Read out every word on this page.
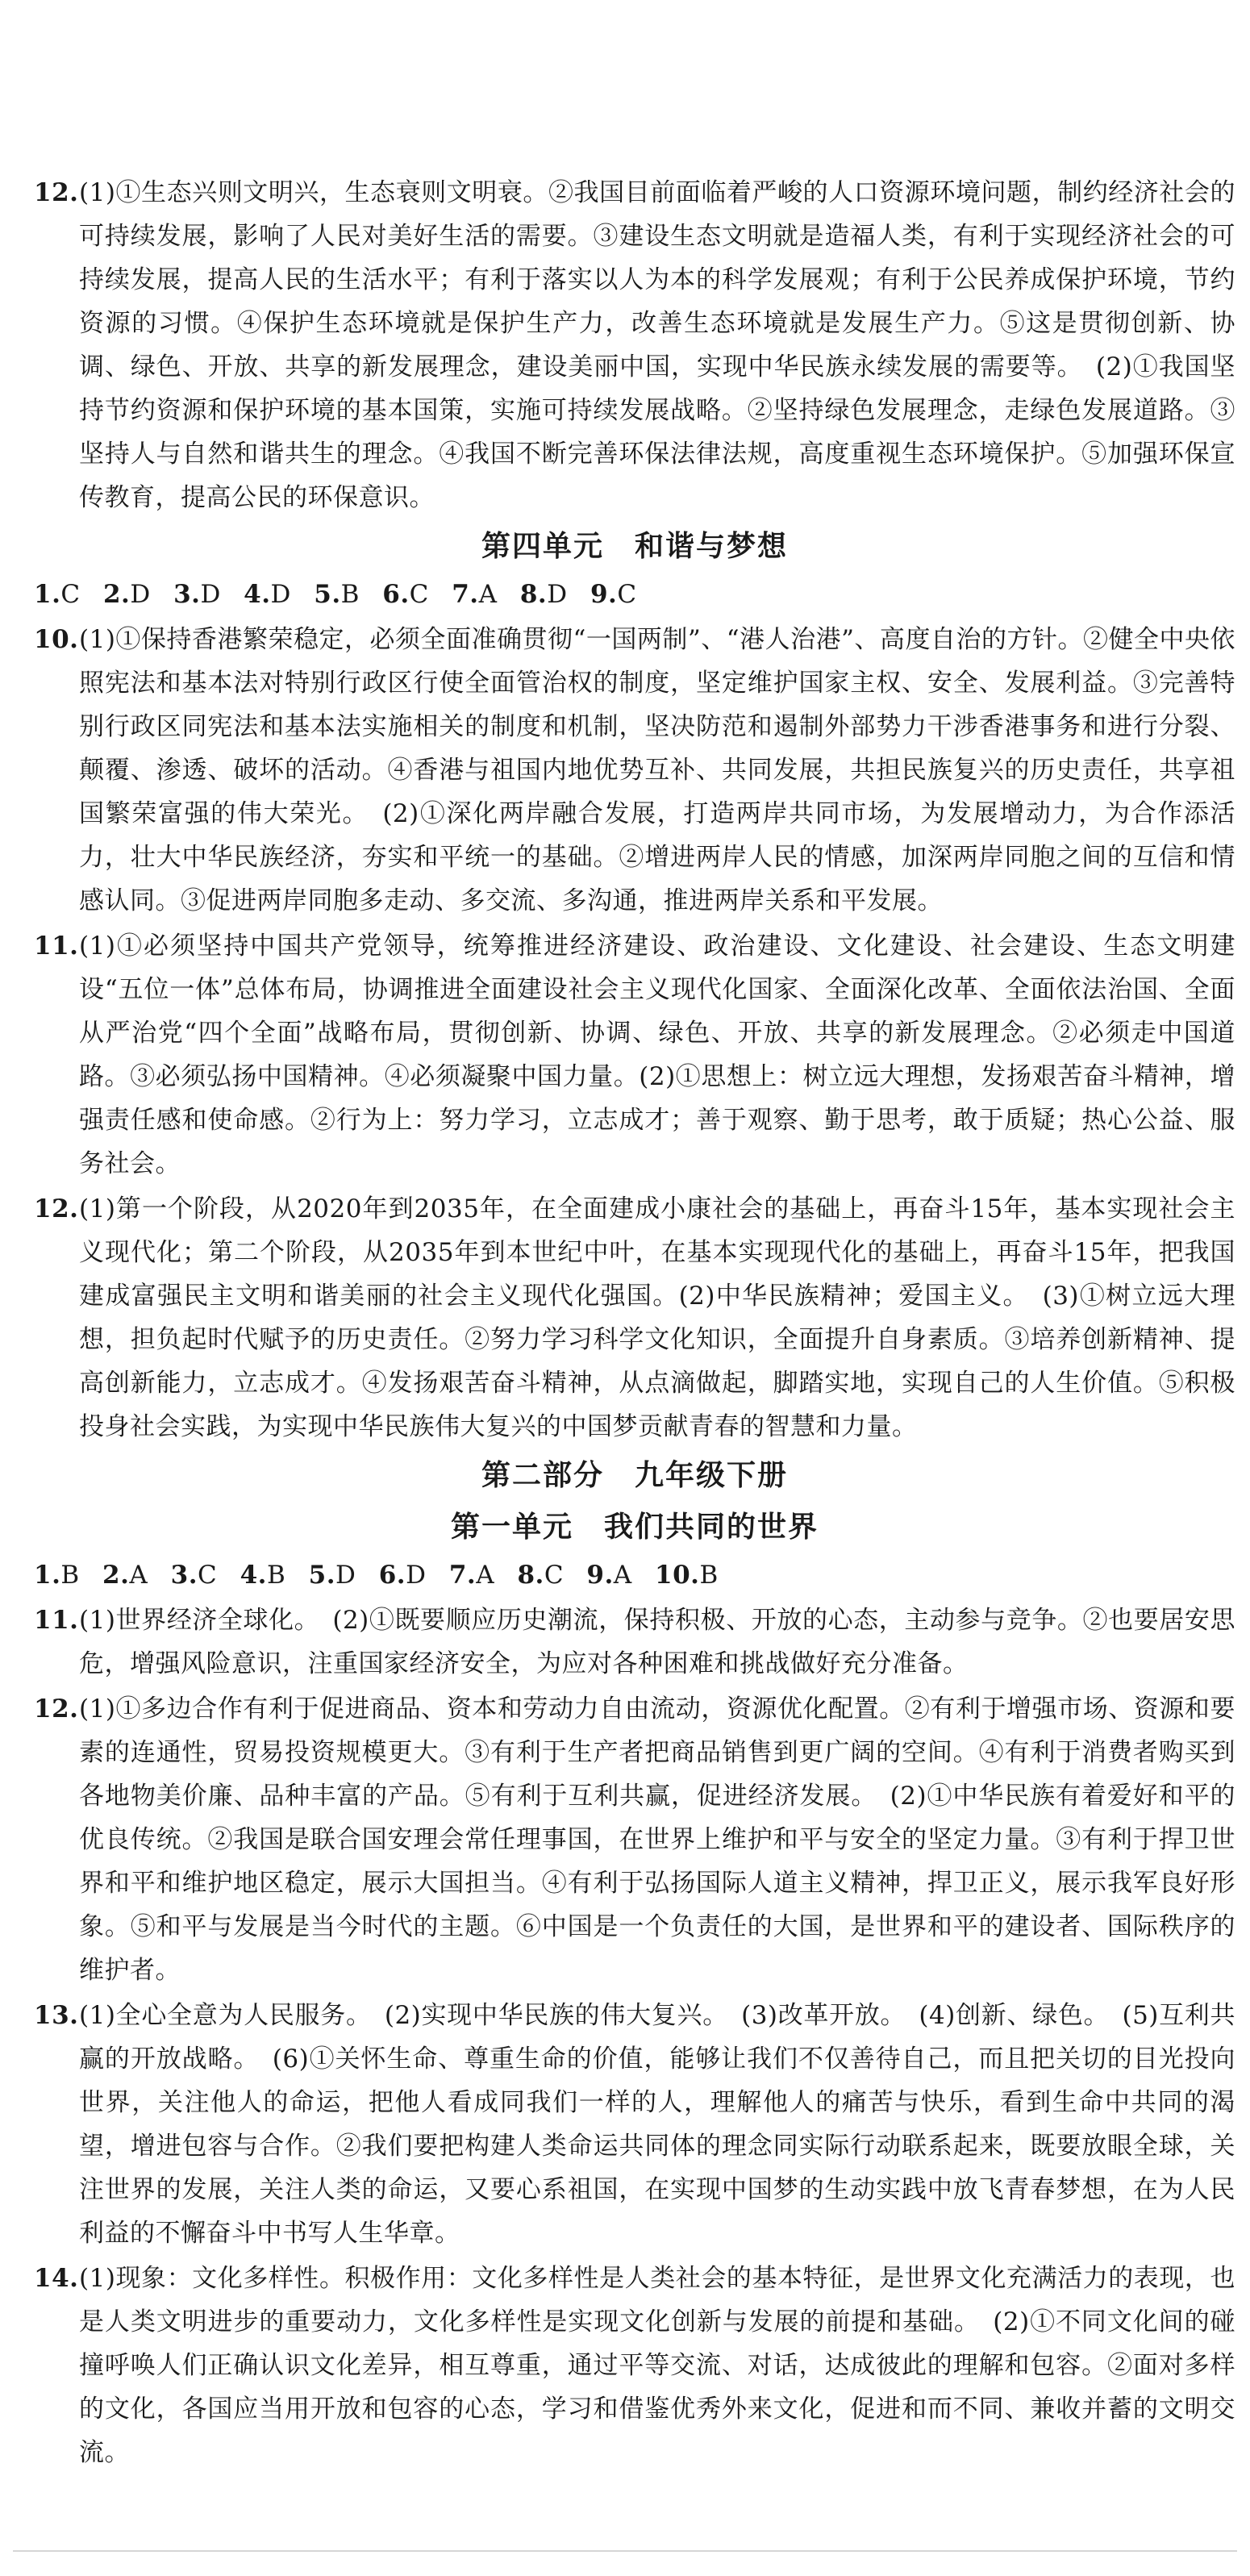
12. (1)①生态兴则文明兴，生态衰则文明衰。②我国目前面临着严峻的人口资源环境问题，制约经济社会的可持续发展，影响了人民对美好生活的需要。③建设生态文明就是造福人类，有利于实现经济社会的可持续发展，提高人民的生活水平；有利于落实以人为本的科学发展观；有利于公民养成保护环境，节约资源的习惯。④保护生态环境就是保护生产力，改善生态环境就是发展生产力。⑤这是贯彻创新、协调、绿色、开放、共享的新发展理念，建设美丽中国，实现中华民族永续发展的需要等。　(2)①我国坚持节约资源和保护环境的基本国策，实施可持续发展战略。②坚持绿色发展理念，走绿色发展道路。③坚持人与自然和谐共生的理念。④我国不断完善环保法律法规，高度重视生态环境保护。⑤加强环保宣传教育，提高公民的环保意识。
第四单元　和谐与梦想
1.C 2.D 3.D 4.D 5.B 6.C 7.A 8.D 9.C
10. (1)①保持香港繁荣稳定，必须全面准确贯彻“一国两制”、“港人治港”、高度自治的方针。②健全中央依照宪法和基本法对特别行政区行使全面管治权的制度，坚定维护国家主权、安全、发展利益。③完善特别行政区同宪法和基本法实施相关的制度和机制，坚决防范和遏制外部势力干涉香港事务和进行分裂、颠覆、渗透、破坏的活动。④香港与祖国内地优势互补、共同发展，共担民族复兴的历史责任，共享祖国繁荣富强的伟大荣光。　(2)①深化两岸融合发展，打造两岸共同市场，为发展增动力，为合作添活力，壮大中华民族经济，夯实和平统一的基础。②增进两岸人民的情感，加深两岸同胞之间的互信和情感认同。③促进两岸同胞多走动、多交流、多沟通，推进两岸关系和平发展。
11. (1)①必须坚持中国共产党领导，统筹推进经济建设、政治建设、文化建设、社会建设、生态文明建设“五位一体”总体布局，协调推进全面建设社会主义现代化国家、全面深化改革、全面依法治国、全面从严治党“四个全面”战略布局，贯彻创新、协调、绿色、开放、共享的新发展理念。②必须走中国道路。③必须弘扬中国精神。④必须凝聚中国力量。(2)①思想上：树立远大理想，发扬艰苦奋斗精神，增强责任感和使命感。②行为上：努力学习，立志成才；善于观察、勤于思考，敢于质疑；热心公益、服务社会。
12. (1)第一个阶段，从2020年到2035年，在全面建成小康社会的基础上，再奋斗15年，基本实现社会主义现代化；第二个阶段，从2035年到本世纪中叶，在基本实现现代化的基础上，再奋斗15年，把我国建成富强民主文明和谐美丽的社会主义现代化强国。(2)中华民族精神；爱国主义。　(3)①树立远大理想，担负起时代赋予的历史责任。②努力学习科学文化知识，全面提升自身素质。③培养创新精神、提高创新能力，立志成才。④发扬艰苦奋斗精神，从点滴做起，脚踏实地，实现自己的人生价值。⑤积极投身社会实践，为实现中华民族伟大复兴的中国梦贡献青春的智慧和力量。
第二部分　九年级下册
第一单元　我们共同的世界
1.B 2.A 3.C 4.B 5.D 6.D 7.A 8.C 9.A 10.B
11. (1)世界经济全球化。　(2)①既要顺应历史潮流，保持积极、开放的心态，主动参与竞争。②也要居安思危，增强风险意识，注重国家经济安全，为应对各种困难和挑战做好充分准备。
12. (1)①多边合作有利于促进商品、资本和劳动力自由流动，资源优化配置。②有利于增强市场、资源和要素的连通性，贸易投资规模更大。③有利于生产者把商品销售到更广阔的空间。④有利于消费者购买到各地物美价廉、品种丰富的产品。⑤有利于互利共赢，促进经济发展。　(2)①中华民族有着爱好和平的优良传统。②我国是联合国安理会常任理事国，在世界上维护和平与安全的坚定力量。③有利于捍卫世界和平和维护地区稳定，展示大国担当。④有利于弘扬国际人道主义精神，捍卫正义，展示我军良好形象。⑤和平与发展是当今时代的主题。⑥中国是一个负责任的大国，是世界和平的建设者、国际秩序的维护者。
13. (1)全心全意为人民服务。　(2)实现中华民族的伟大复兴。　(3)改革开放。　(4)创新、绿色。　(5)互利共赢的开放战略。　(6)①关怀生命、尊重生命的价值，能够让我们不仅善待自己，而且把关切的目光投向世界，关注他人的命运，把他人看成同我们一样的人，理解他人的痛苦与快乐，看到生命中共同的渴望，增进包容与合作。②我们要把构建人类命运共同体的理念同实际行动联系起来，既要放眼全球，关注世界的发展，关注人类的命运，又要心系祖国，在实现中国梦的生动实践中放飞青春梦想，在为人民利益的不懈奋斗中书写人生华章。
14. (1)现象：文化多样性。积极作用：文化多样性是人类社会的基本特征，是世界文化充满活力的表现，也是人类文明进步的重要动力，文化多样性是实现文化创新与发展的前提和基础。　(2)①不同文化间的碰撞呼唤人们正确认识文化差异，相互尊重，通过平等交流、对话，达成彼此的理解和包容。②面对多样的文化，各国应当用开放和包容的心态，学习和借鉴优秀外来文化，促进和而不同、兼收并蓄的文明交流。
